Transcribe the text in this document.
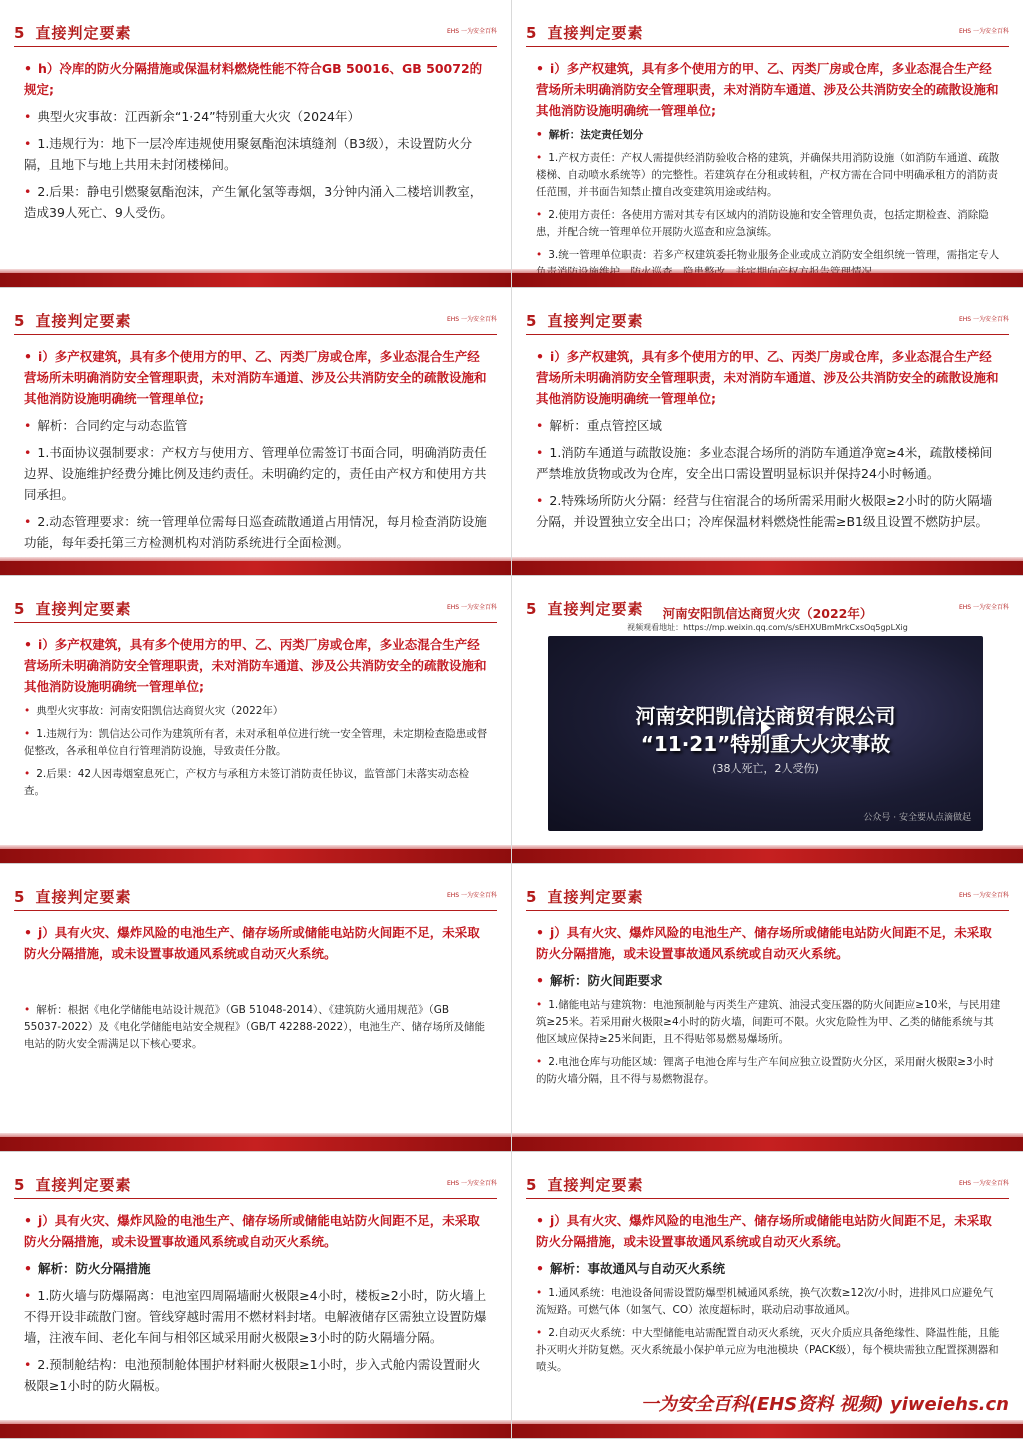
5 直接判定要素	EHS 一为安全百科
• h）冷库的防火分隔措施或保温材料燃烧性能不符合GB 50016、GB 50072的规定;
• 典型火灾事故：江西新余“1·24”特别重大火灾（2024年）
• 1.违规行为：地下一层冷库违规使用聚氨酯泡沫填缝剂（B3级），未设置防火分隔，且地下与地上共用未封闭楼梯间。
• 2.后果：静电引燃聚氨酯泡沫，产生氰化氢等毒烟，3分钟内涌入二楼培训教室，造成39人死亡、9人受伤。
5 直接判定要素	EHS 一为安全百科
• i）多产权建筑，具有多个使用方的甲、乙、丙类厂房或仓库，多业态混合生产经营场所未明确消防安全管理职责，未对消防车通道、涉及公共消防安全的疏散设施和其他消防设施明确统一管理单位;
• 解析：法定责任划分
• 1.产权方责任：产权人需提供经消防验收合格的建筑，并确保共用消防设施（如消防车通道、疏散楼梯、自动喷水系统等）的完整性。若建筑存在分租或转租，产权方需在合同中明确承租方的消防责任范围，并书面告知禁止擅自改变建筑用途或结构。
• 2.使用方责任：各使用方需对其专有区域内的消防设施和安全管理负责，包括定期检查、消除隐患，并配合统一管理单位开展防火巡查和应急演练。
• 3.统一管理单位职责：若多产权建筑委托物业服务企业或成立消防安全组织统一管理，需指定专人
5 直接判定要素	EHS 一为安全百科
• i）多产权建筑，具有多个使用方的甲、乙、丙类厂房或仓库，多业态混合生产经营场所未明确消防安全管理职责，未对消防车通道、涉及公共消防安全的疏散设施和其他消防设施明确统一管理单位;
• 解析：合同约定与动态监管
• 1.书面协议强制要求：产权方与使用方、管理单位需签订书面合同，明确消防责任边界、设施维护经费分摊比例及违约责任。未明确约定的，责任由产权方和使用方共同承担。
• 2.动态管理要求：统一管理单位需每日巡查疏散通道占用情况，每月检查消防设施功能，每年委托第三方检测机构对消防系统进行全面检测。
5 直接判定要素	EHS 一为安全百科
• i）多产权建筑，具有多个使用方的甲、乙、丙类厂房或仓库，多业态混合生产经营场所未明确消防安全管理职责，未对消防车通道、涉及公共消防安全的疏散设施和其他消防设施明确统一管理单位;
• 解析：重点管控区域
• 1.消防车通道与疏散设施：多业态混合场所的消防车通道净宽≥4米，疏散楼梯间严禁堆放货物或改为仓库，安全出口需设置明显标识并保持24小时畅通。
• 2.特殊场所防火分隔：经营与住宿混合的场所需采用耐火极限≥2小时的防火隔墙分隔，并设置独立安全出口；冷库保温材料燃烧性能需≥B1级且设置不燃防护层。
5 直接判定要素	EHS 一为安全百科
• i）多产权建筑，具有多个使用方的甲、乙、丙类厂房或仓库，多业态混合生产经营场所未明确消防安全管理职责，未对消防车通道、涉及公共消防安全的疏散设施和其他消防设施明确统一管理单位;
• 典型火灾事故：河南安阳凯信达商贸火灾（2022年）
• 1.违规行为：凯信达公司作为建筑所有者，未对承租单位进行统一安全管理，未定期检查隐患或督促整改，各承租单位自行管理消防设施，导致责任分散。
• 2.后果：42人因毒烟窒息死亡，产权方与承租方未签订消防责任协议，监管部门未落实动态检查。
5 直接判定要素	EHS 一为安全百科
河南安阳凯信达商贸火灾（2022年）
视频观看地址：https://mp.weixin.qq.com/s/sEHXUBmMrkCxsOq5gpLXig
河南安阳凯信达商贸有限公司
“11·21”特别重大火灾事故
(38人死亡，2人受伤)
公众号 · 安全要从点滴做起
5 直接判定要素	EHS 一为安全百科
• j）具有火灾、爆炸风险的电池生产、储存场所或储能电站防火间距不足，未采取防火分隔措施，或未设置事故通风系统或自动灭火系统。
• 解析：根据《电化学储能电站设计规范》（GB 51048-2014）、《建筑防火通用规范》（GB 55037-2022）及《电化学储能电站安全规程》（GB/T 42288-2022），电池生产、储存场所及储能电站的防火安全需满足以下核心要求。
5 直接判定要素	EHS 一为安全百科
• j）具有火灾、爆炸风险的电池生产、储存场所或储能电站防火间距不足，未采取防火分隔措施，或未设置事故通风系统或自动灭火系统。
• 解析：防火间距要求
• 1.储能电站与建筑物：电池预制舱与丙类生产建筑、油浸式变压器的防火间距应≥10米，与民用建筑≥25米。若采用耐火极限≥4小时的防火墙，间距可不限。火灾危险性为甲、乙类的储能系统与其他区域应保持≥25米间距，且不得贴邻易燃易爆场所。
• 2.电池仓库与功能区域：锂离子电池仓库与生产车间应独立设置防火分区，采用耐火极限≥3小时的防火墙分隔，且不得与易燃物混存。
5 直接判定要素	EHS 一为安全百科
• j）具有火灾、爆炸风险的电池生产、储存场所或储能电站防火间距不足，未采取防火分隔措施，或未设置事故通风系统或自动灭火系统。
• 解析：防火分隔措施
• 1.防火墙与防爆隔离：电池室四周隔墙耐火极限≥4小时，楼板≥2小时，防火墙上不得开设非疏散门窗。管线穿越时需用不燃材料封堵。电解液储存区需独立设置防爆墙，注液车间、老化车间与相邻区域采用耐火极限≥3小时的防火隔墙分隔。
• 2.预制舱结构：电池预制舱体围护材料耐火极限≥1小时，步入式舱内需设置耐火极限≥1小时的防火隔板。
5 直接判定要素	EHS 一为安全百科
• j）具有火灾、爆炸风险的电池生产、储存场所或储能电站防火间距不足，未采取防火分隔措施，或未设置事故通风系统或自动灭火系统。
• 解析：事故通风与自动灭火系统
• 1.通风系统：电池设备间需设置防爆型机械通风系统，换气次数≥12次/小时，进排风口应避免气流短路。可燃气体（如氢气、CO）浓度超标时，联动启动事故通风。
• 2.自动灭火系统：中大型储能电站需配置自动灭火系统，灭火介质应具备绝缘性、降温性能，且能扑灭明火并防复燃。灭火系统最小保护单元应为电池模块（PACK级），每个模块需独立配置探测器和喷头。
一为安全百科(EHS资料 视频) yiweiehs.cn
